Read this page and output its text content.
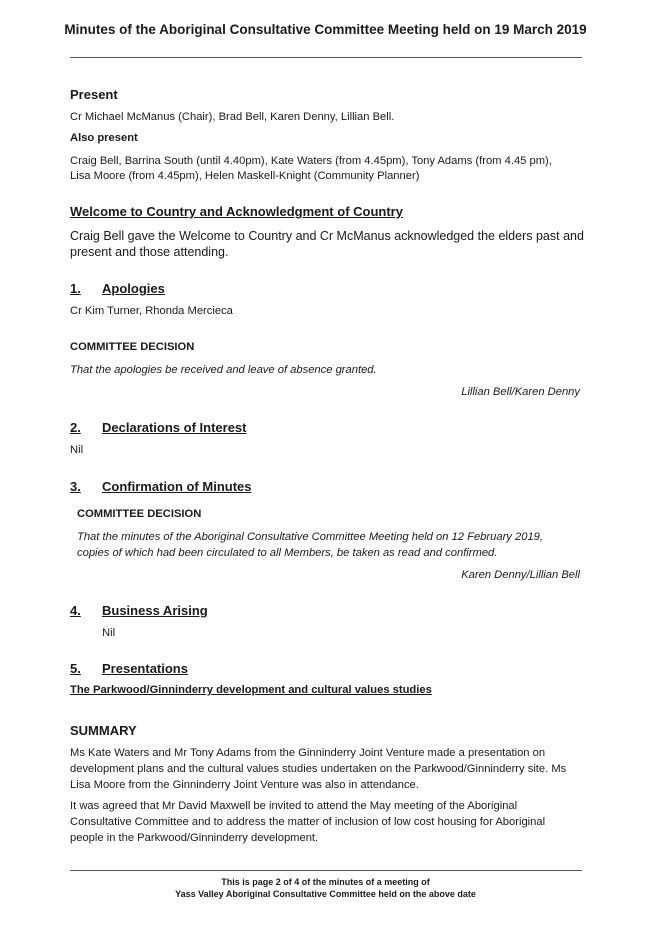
Minutes of the Aboriginal Consultative Committee Meeting held on 19 March 2019
Present
Cr Michael McManus (Chair), Brad Bell, Karen Denny, Lillian Bell.
Also present
Craig Bell, Barrina South (until 4.40pm), Kate Waters (from 4.45pm), Tony Adams (from 4.45 pm),
Lisa Moore (from 4.45pm), Helen Maskell-Knight (Community Planner)
Welcome to Country and Acknowledgment of Country
Craig Bell gave the Welcome to Country and Cr McManus acknowledged the elders past and
present and those attending.
1. Apologies
Cr Kim Turner, Rhonda Mercieca
COMMITTEE DECISION
That the apologies be received and leave of absence granted.
Lillian Bell/Karen Denny
2. Declarations of Interest
Nil
3. Confirmation of Minutes
COMMITTEE DECISION
That the minutes of the Aboriginal Consultative Committee Meeting held on 12 February 2019,
copies of which had been circulated to all Members, be taken as read and confirmed.
Karen Denny/Lillian Bell
4. Business Arising
Nil
5. Presentations
The Parkwood/Ginninderry development and cultural values studies
SUMMARY
Ms Kate Waters and Mr Tony Adams from the Ginninderry Joint Venture made a presentation on
development plans and the cultural values studies undertaken on the Parkwood/Ginninderry site. Ms
Lisa Moore from the Ginninderry Joint Venture was also in attendance.
It was agreed that Mr David Maxwell be invited to attend the May meeting of the Aboriginal
Consultative Committee and to address the matter of inclusion of low cost housing for Aboriginal
people in the Parkwood/Ginninderry development.
This is page 2 of 4 of the minutes of a meeting of
Yass Valley Aboriginal Consultative Committee held on the above date
